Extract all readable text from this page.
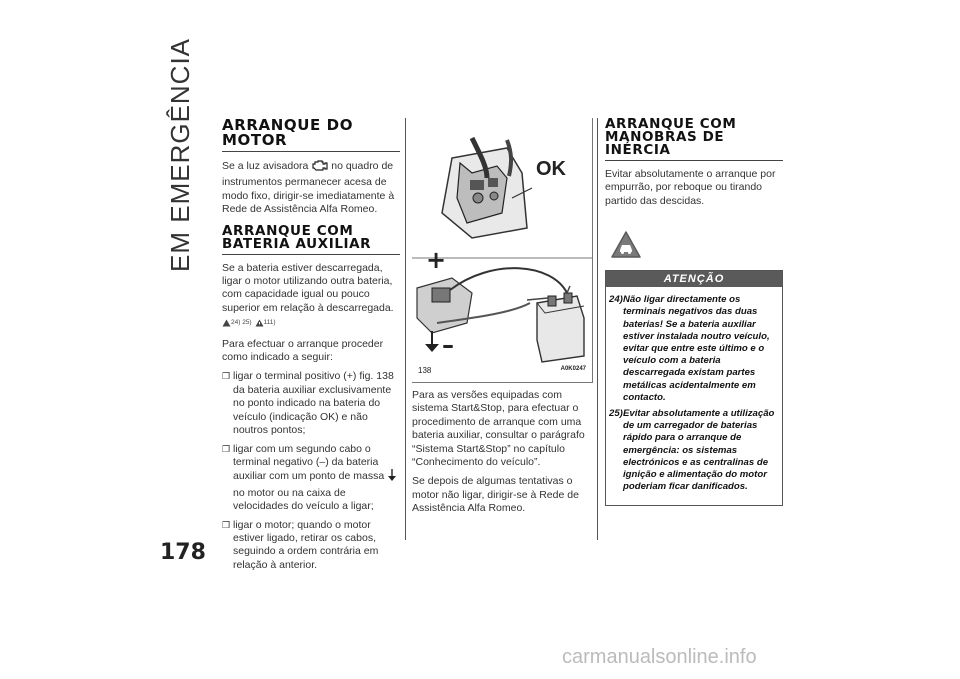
EM EMERGÊNCIA
178
ARRANQUE DO MOTOR

Se a luz avisadora no quadro de instrumentos permanecer acesa de modo fixo, dirigir-se imediatamente à Rede de Assistência Alfa Romeo.

ARRANQUE COM BATERIA AUXILIAR

Se a bateria estiver descarregada, ligar o motor utilizando outra bateria, com capacidade igual ou pouco superior em relação à descarregada. 24) 25) 111)

Para efectuar o arranque proceder como indicado a seguir:

❒ ligar o terminal positivo (+) fig. 138 da bateria auxiliar exclusivamente no ponto indicado na bateria do veículo (indicação OK) e não noutros pontos;
❒ ligar com um segundo cabo o terminal negativo (–) da bateria auxiliar com um ponto de massa  no motor ou na caixa de velocidades do veículo a ligar;
❒ ligar o motor; quando o motor estiver ligado, retirar os cabos, seguindo a ordem contrária em relação à anterior.
OK
+
–
138	A0K0247

Para as versões equipadas com sistema Start&Stop, para efectuar o procedimento de arranque com uma bateria auxiliar, consultar o parágrafo “Sistema Start&Stop” no capítulo “Conhecimento do veículo”.

Se depois de algumas tentativas o motor não ligar, dirigir-se à Rede de Assistência Alfa Romeo.

ARRANQUE COM MANOBRAS DE INÉRCIA

Evitar absolutamente o arranque por empurrão, por reboque ou tirando partido das descidas.

ATENÇÃO
24) Não ligar directamente os terminais negativos das duas baterias! Se a bateria auxiliar estiver instalada noutro veículo, evitar que entre este último e o veículo com a bateria descarregada existam partes metálicas acidentalmente em contacto.
25) Evitar absolutamente a utilização de um carregador de baterias rápido para o arranque de emergência: os sistemas electrónicos e as centralinas de ignição e alimentação do motor poderiam ficar danificados.
carmanualsonline.info
